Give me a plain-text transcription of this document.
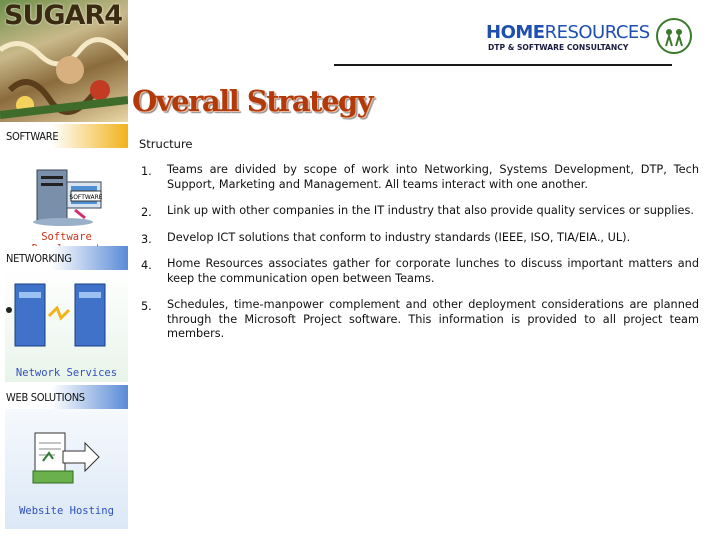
SUGAR4
SOFTWARE
SOFTWARE
Software
NETWORKING
Network Services
WEB SOLUTIONS
Website Hosting
HOMERESOURCES
DTP & SOFTWARE CONSULTANCY
Overall Strategy
Structure
1. Teams are divided by scope of work into Networking, Systems Development, DTP, Tech Support, Marketing and Management. All teams interact with one another.
2. Link up with other companies in the IT industry that also provide quality services or supplies.
3. Develop ICT solutions that conform to industry standards (IEEE, ISO, TIA/EIA., UL).
4. Home Resources associates gather for corporate lunches to discuss important matters and keep the communication open between Teams.
5. Schedules, time-manpower complement and other deployment considerations are planned through the Microsoft Project software. This information is provided to all project team members.
